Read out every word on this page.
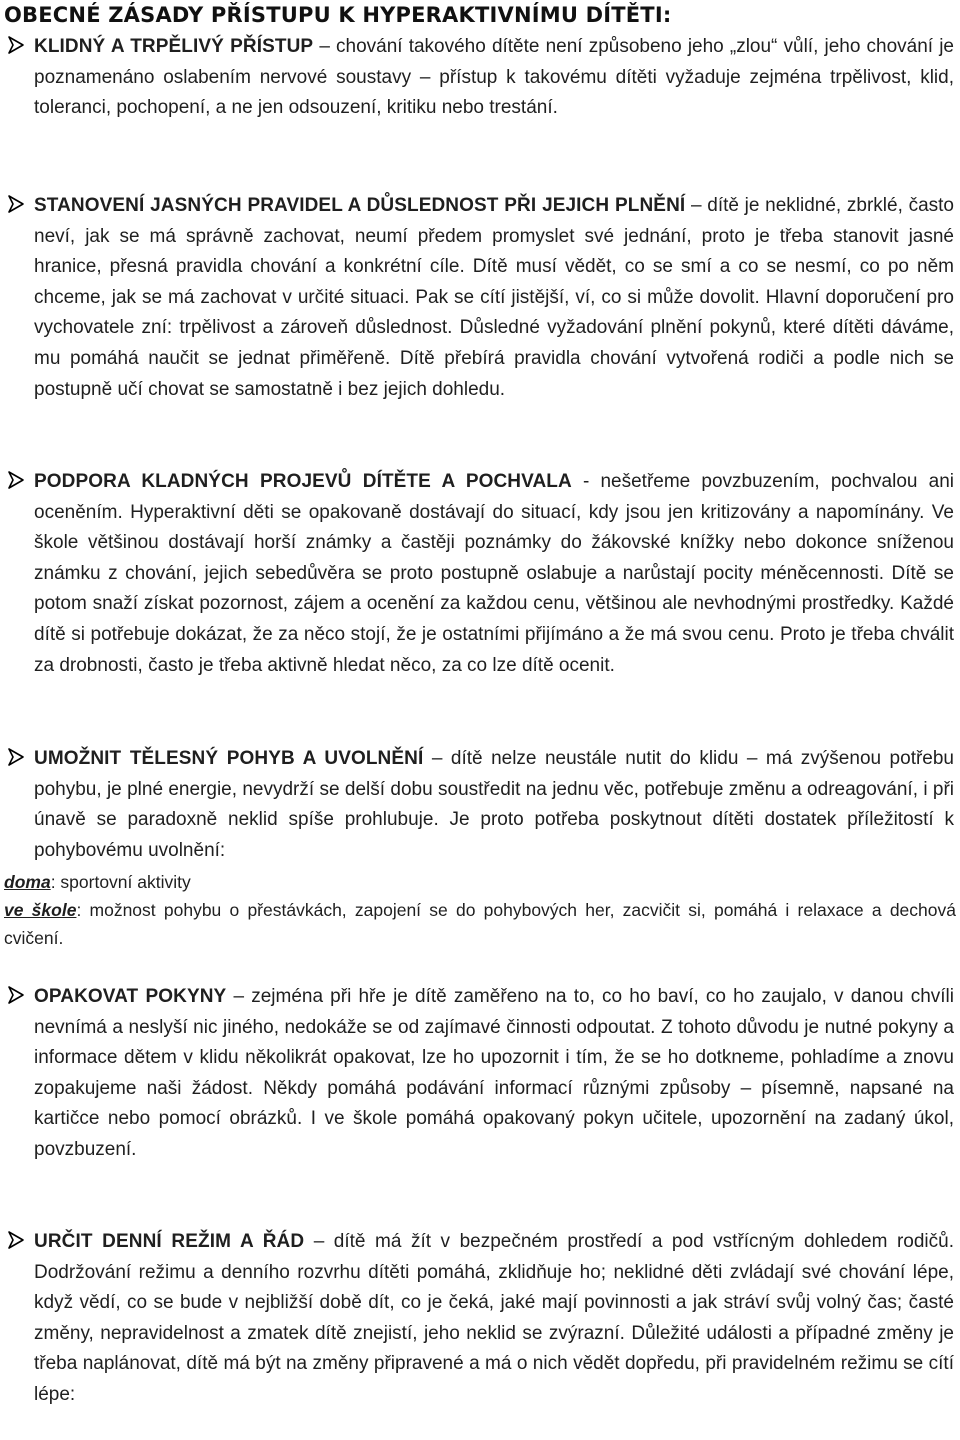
OBECNÉ ZÁSADY PŘÍSTUPU K HYPERAKTIVNÍMU DÍTĚTI:
KLIDNÝ A TRPĚLIVÝ PŘÍSTUP – chování takového dítěte není způsobeno jeho „zlou“ vůlí, jeho chování je poznamenáno oslabením nervové soustavy – přístup k takovému dítěti vyžaduje zejména trpělivost, klid, toleranci, pochopení, a ne jen odsouzení, kritiku nebo trestání.
STANOVENÍ JASNÝCH PRAVIDEL A DŮSLEDNOST PŘI JEJICH PLNĚNÍ – dítě je neklidné, zbrklé, často neví, jak se má správně zachovat, neumí předem promyslet své jednání, proto je třeba stanovit jasné hranice, přesná pravidla chování a konkrétní cíle. Dítě musí vědět, co se smí a co se nesmí, co po něm chceme, jak se má zachovat v určité situaci. Pak se cítí jistější, ví, co si může dovolit. Hlavní doporučení pro vychovatele zní: trpělivost a zároveň důslednost. Důsledné vyžadování plnění pokynů, které dítěti dáváme, mu pomáhá naučit se jednat přiměřeně. Dítě přebírá pravidla chování vytvořená rodiči a podle nich se postupně učí chovat se samostatně i bez jejich dohledu.
PODPORA KLADNÝCH PROJEVŮ DÍTĚTE A POCHVALA - nešetřeme povzbuzením, pochvalou ani oceněním. Hyperaktivní děti se opakovaně dostávají do situací, kdy jsou jen kritizovány a napomínány. Ve škole většinou dostávají horší známky a častěji poznámky do žákovské knížky nebo dokonce sníženou známku z chování, jejich sebedůvěra se proto postupně oslabuje a narůstají pocity méněcennosti. Dítě se potom snaží získat pozornost, zájem a ocenění za každou cenu, většinou ale nevhodnými prostředky. Každé dítě si potřebuje dokázat, že za něco stojí, že je ostatními přijímáno a že má svou cenu. Proto je třeba chválit za drobnosti, často je třeba aktivně hledat něco, za co lze dítě ocenit.
UMOŽNIT TĚLESNÝ POHYB A UVOLNĚNÍ – dítě nelze neustále nutit do klidu – má zvýšenou potřebu pohybu, je plné energie, nevydrží se delší dobu soustředit na jednu věc, potřebuje změnu a odreagování, i při únavě se paradoxně neklid spíše prohlubuje. Je proto potřeba poskytnout dítěti dostatek příležitostí k pohybovému uvolnění:
doma: sportovní aktivity
ve škole: možnost pohybu o přestávkách, zapojení se do pohybových her, zacvičit si, pomáhá i relaxace a dechová cvičení.
OPAKOVAT POKYNY – zejména při hře je dítě zaměřeno na to, co ho baví, co ho zaujalo, v danou chvíli nevnímá a neslyší nic jiného, nedokáže se od zajímavé činnosti odpoutat. Z tohoto důvodu je nutné pokyny a informace dětem v klidu několikrát opakovat, lze ho upozornit i tím, že se ho dotkneme, pohladíme a znovu zopakujeme naši žádost. Někdy pomáhá podávání informací různými způsoby – písemně, napsané na kartičce nebo pomocí obrázků. I ve škole pomáhá opakovaný pokyn učitele, upozornění na zadaný úkol, povzbuzení.
URČIT DENNÍ REŽIM A ŘÁD – dítě má žít v bezpečném prostředí a pod vstřícným dohledem rodičů. Dodržování režimu a denního rozvrhu dítěti pomáhá, zklidňuje ho; neklidné děti zvládají své chování lépe, když vědí, co se bude v nejbližší době dít, co je čeká, jaké mají povinnosti a jak stráví svůj volný čas; časté změny, nepravidelnost a zmatek dítě znejistí, jeho neklid se zvýrazní. Důležité události a případné změny je třeba naplánovat, dítě má být na změny připravené a má o nich vědět dopředu, při pravidelném režimu se cítí lépe:
